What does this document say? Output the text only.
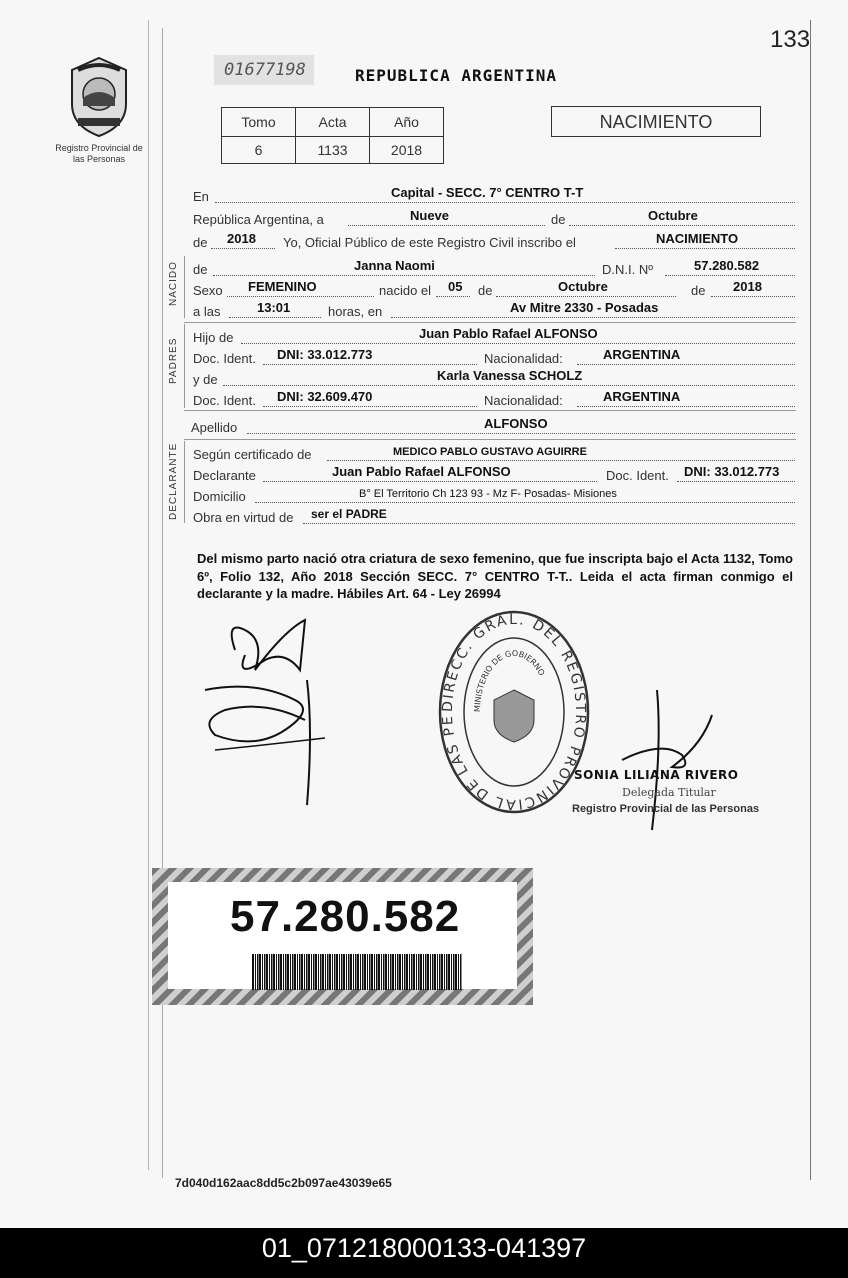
133
Registro Provincial de las Personas
01677198	REPUBLICA ARGENTINA
Tomo	Acta	Año
6	1133	2018
NACIMIENTO
En	Capital - SECC. 7° CENTRO T-T
República Argentina, a	Nueve	de	Octubre
de 2018 Yo, Oficial Público de este Registro Civil inscribo el	NACIMIENTO
NACIDO de	Janna Naomi	D.N.I. Nº	57.280.582
Sexo FEMENINO	nacido el 05 de	Octubre	de 2018
a las	13:01	horas, en	Av Mitre 2330 - Posadas
PADRES
Hijo de	Juan Pablo Rafael ALFONSO
Doc. Ident. DNI: 33.012.773	Nacionalidad:	ARGENTINA
y de	Karla Vanessa SCHOLZ
Doc. Ident. DNI: 32.609.470	Nacionalidad:	ARGENTINA
Apellido	ALFONSO
DECLARANTE Según certificado de	MEDICO PABLO GUSTAVO AGUIRRE
Declarante	Juan Pablo Rafael ALFONSO	Doc. Ident. DNI: 33.012.773
Domicilio	B° El Territorio Ch 123 93 - Mz F- Posadas- Misiones
Obra en virtud de ser el PADRE
Del mismo parto nació otra criatura de sexo femenino, que fue inscripta bajo el Acta 1132, Tomo 6º, Folio 132, Año 2018 Sección SECC. 7° CENTRO T-T.. Leida el acta firman conmigo el declarante y la madre. Hábiles Art. 64 - Ley 26994
DIRECC. GRAL. DEL REGISTRO PROVINCIAL DE LAS PE
MINISTERIO DE GOBIERNO
SONIA LILIANA RIVERO
Delegada Titular
Registro Provincial de las Personas
57.280.582
7d040d162aac8dd5c2b097ae43039e65
01_071218000133-041397
